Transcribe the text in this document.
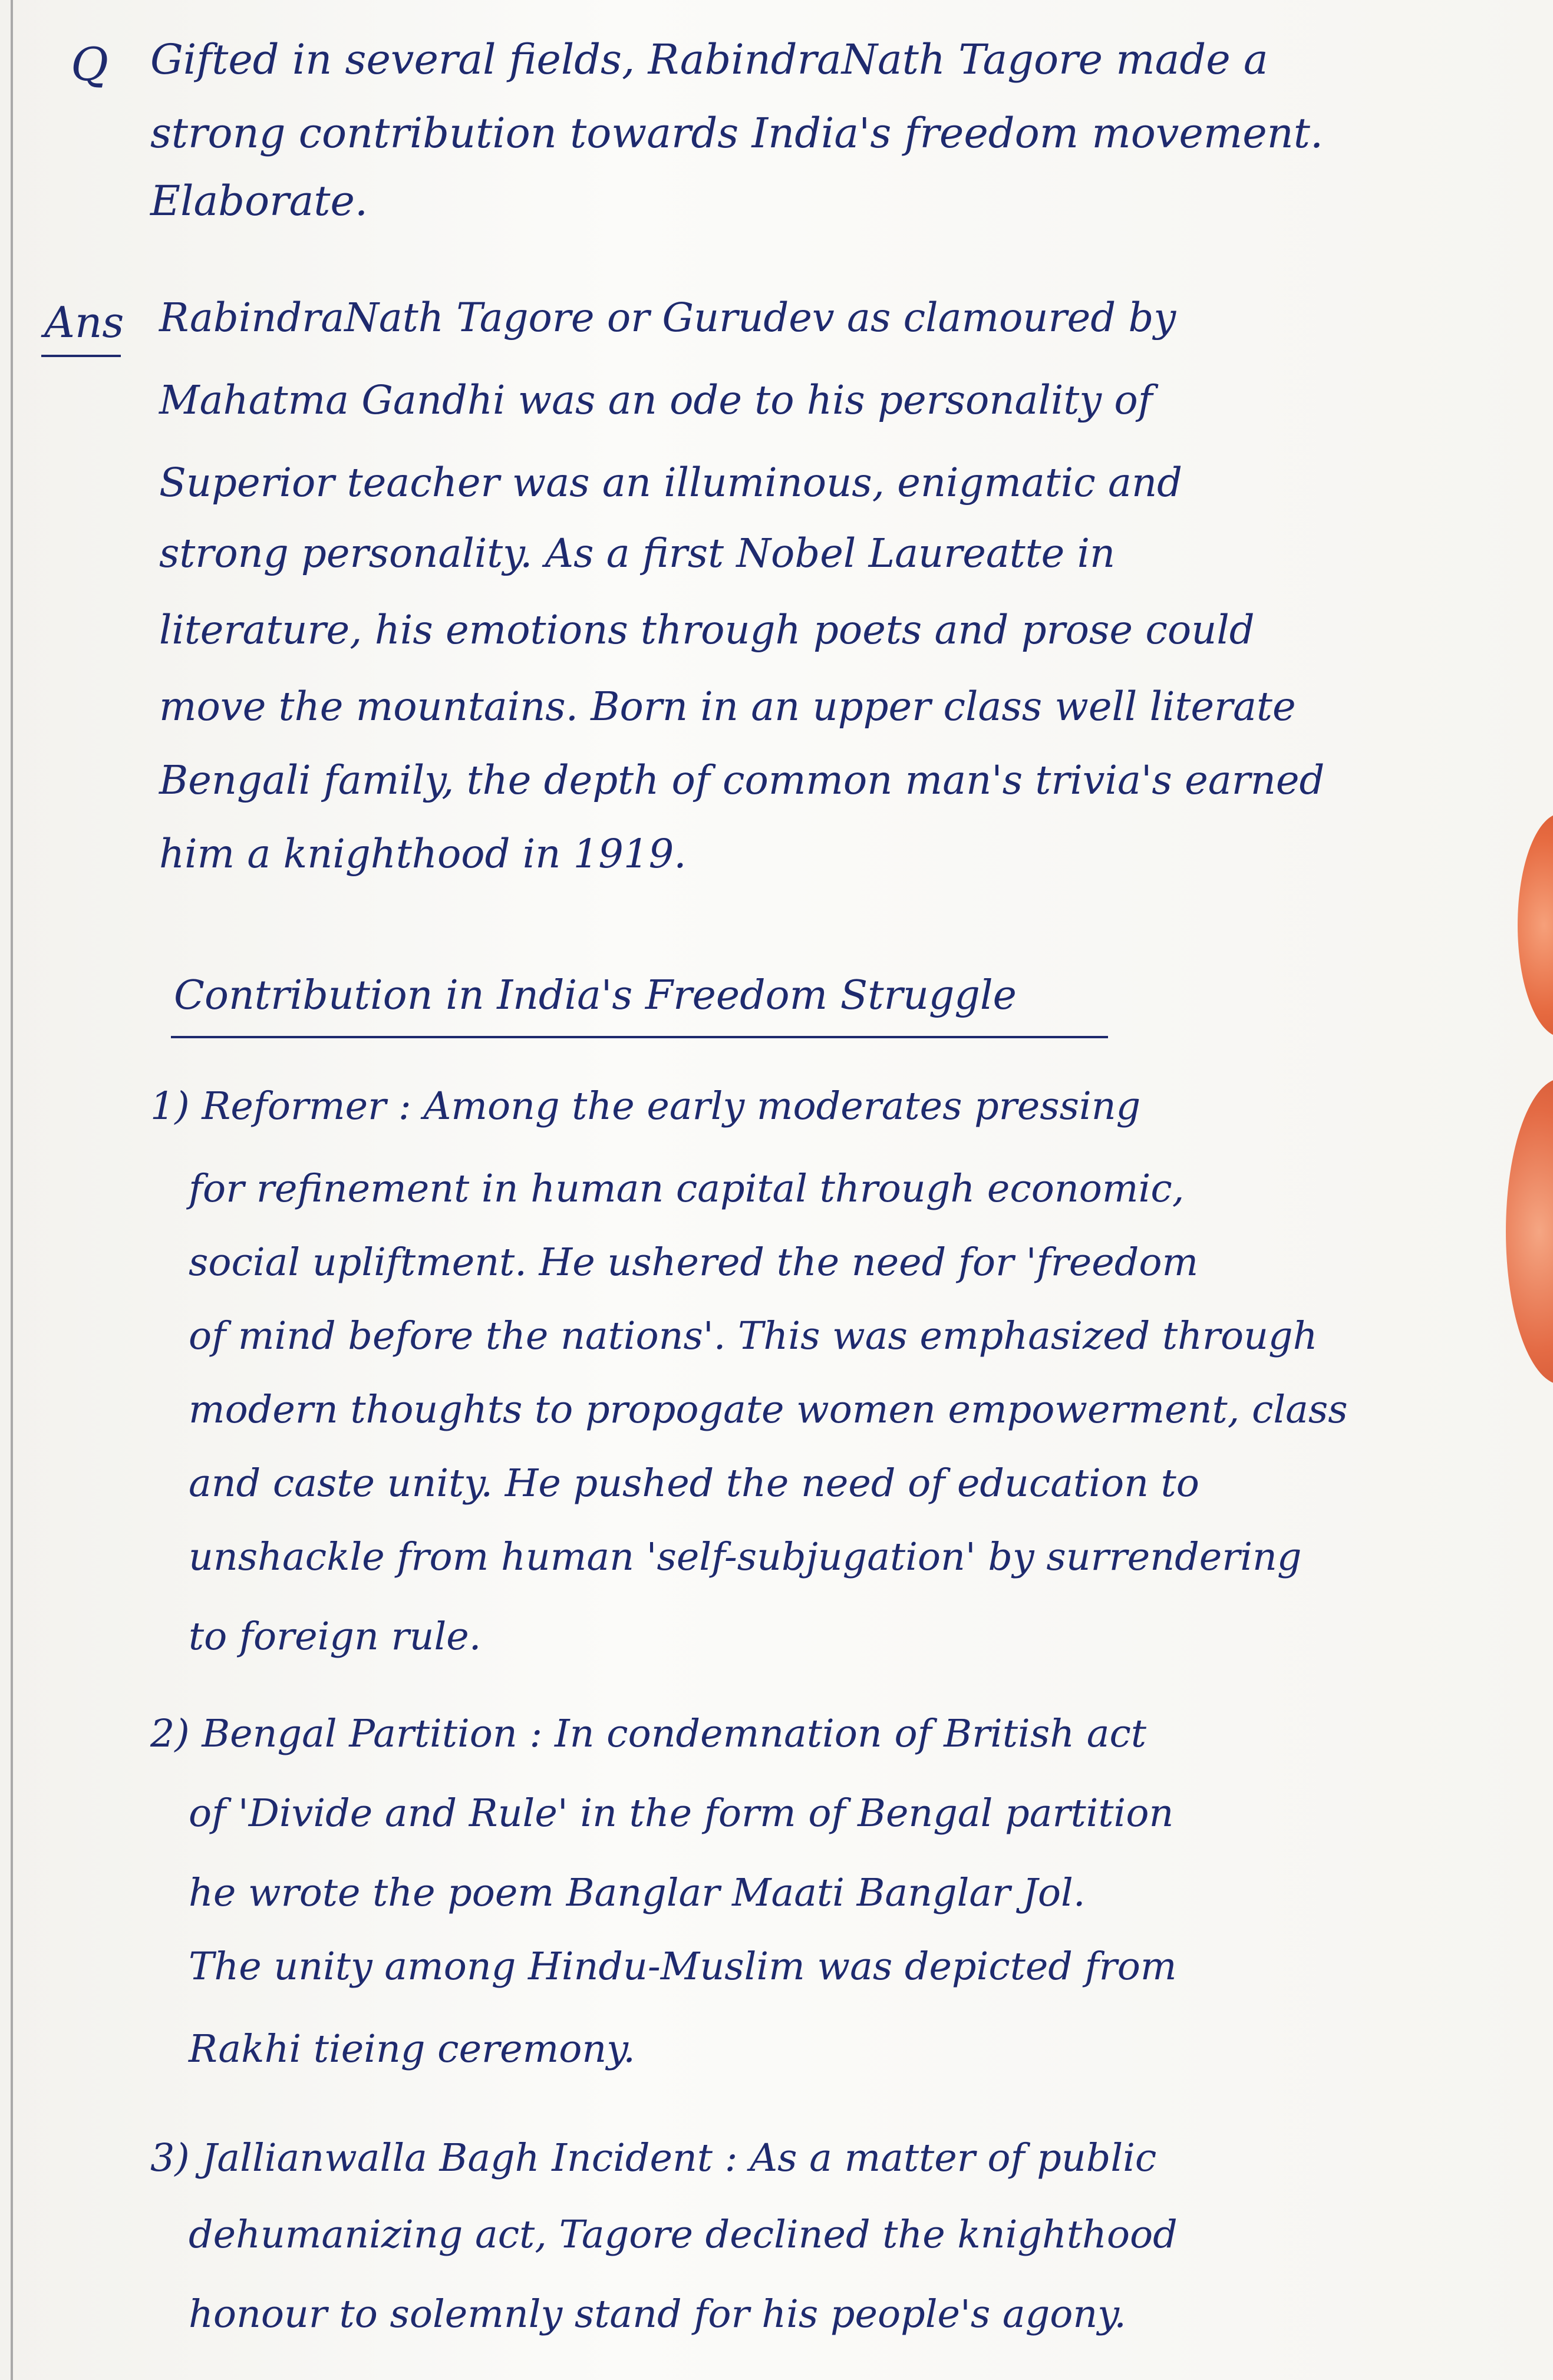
Q Gifted in several fields, RabindraNath Tagore made a
strong contribution towards India's freedom movement.
Elaborate.
Ans RabindraNath Tagore or Gurudev as clamoured by
Mahatma Gandhi was an ode to his personality of
Superior teacher was an illuminous, enigmatic and
strong personality. As a first Nobel Laureatte in
literature, his emotions through poets and prose could
move the mountains. Born in an upper class well literate
Bengali family, the depth of common man's trivia's earned
him a knighthood in 1919.
Contribution in India's Freedom Struggle
1) Reformer : Among the early moderates pressing
for refinement in human capital through economic,
social upliftment. He ushered the need for 'freedom
of mind before the nations'. This was emphasized through
modern thoughts to propogate women empowerment, class
and caste unity. He pushed the need of education to
unshackle from human 'self-subjugation' by surrendering
to foreign rule.
2) Bengal Partition : In condemnation of British act
of 'Divide and Rule' in the form of Bengal partition
he wrote the poem Banglar Maati Banglar Jol.
The unity among Hindu-Muslim was depicted from
Rakhi tieing ceremony.
3) Jallianwalla Bagh Incident : As a matter of public
dehumanizing act, Tagore declined the knighthood
honour to solemnly stand for his people's agony.
